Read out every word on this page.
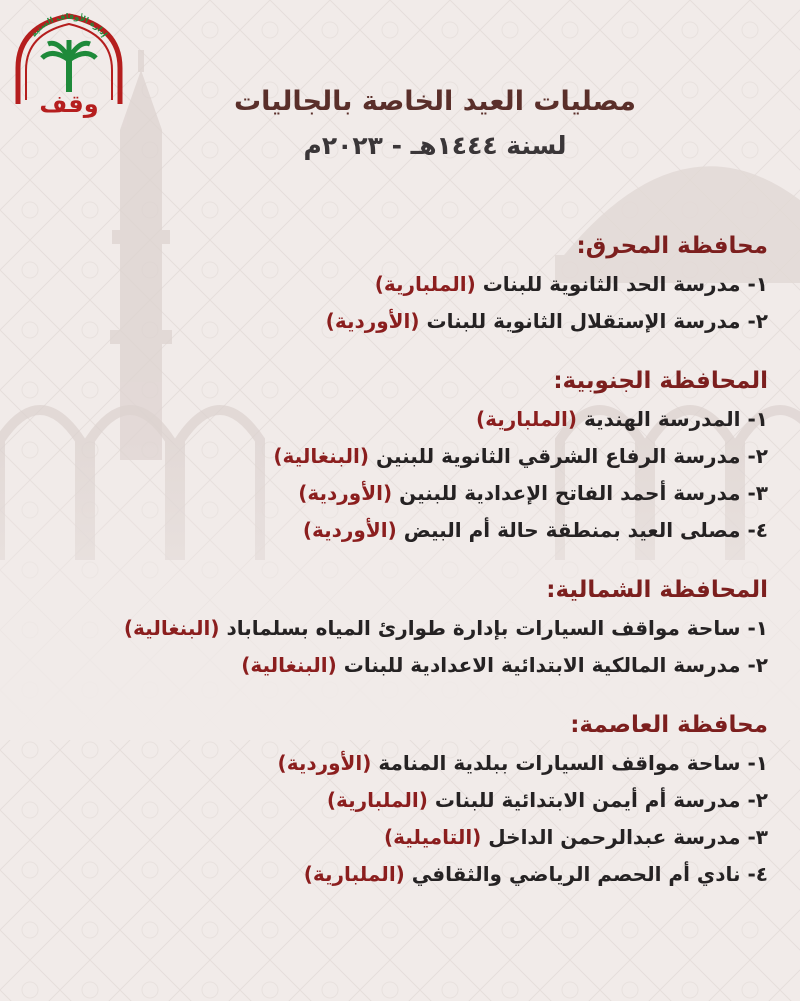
إدارة الأوقاف السنية
وقف	مصليات العيد الخاصة بالجاليات
لسنة ١٤٤٤هـ - ٢٠٢٣م
محافظة المحرق:
١- مدرسة الحد الثانوية للبنات (الملبارية)
٢- مدرسة الإستقلال الثانوية للبنات (الأوردية)
المحافظة الجنوبية:
١- المدرسة الهندية (الملبارية)
٢- مدرسة الرفاع الشرقي الثانوية للبنين (البنغالية)
٣- مدرسة أحمد الفاتح الإعدادية للبنين (الأوردية)
٤- مصلى العيد بمنطقة حالة أم البيض (الأوردية)
المحافظة الشمالية:
١- ساحة مواقف السيارات بإدارة طوارئ المياه بسلماباد (البنغالية)
٢- مدرسة المالكية الابتدائية الاعدادية للبنات (البنغالية)
محافظة العاصمة:
١- ساحة مواقف السيارات ببلدية المنامة (الأوردية)
٢- مدرسة أم أيمن الابتدائية للبنات (الملبارية)
٣- مدرسة عبدالرحمن الداخل (التاميلية)
٤- نادي أم الحصم الرياضي والثقافي (الملبارية)
